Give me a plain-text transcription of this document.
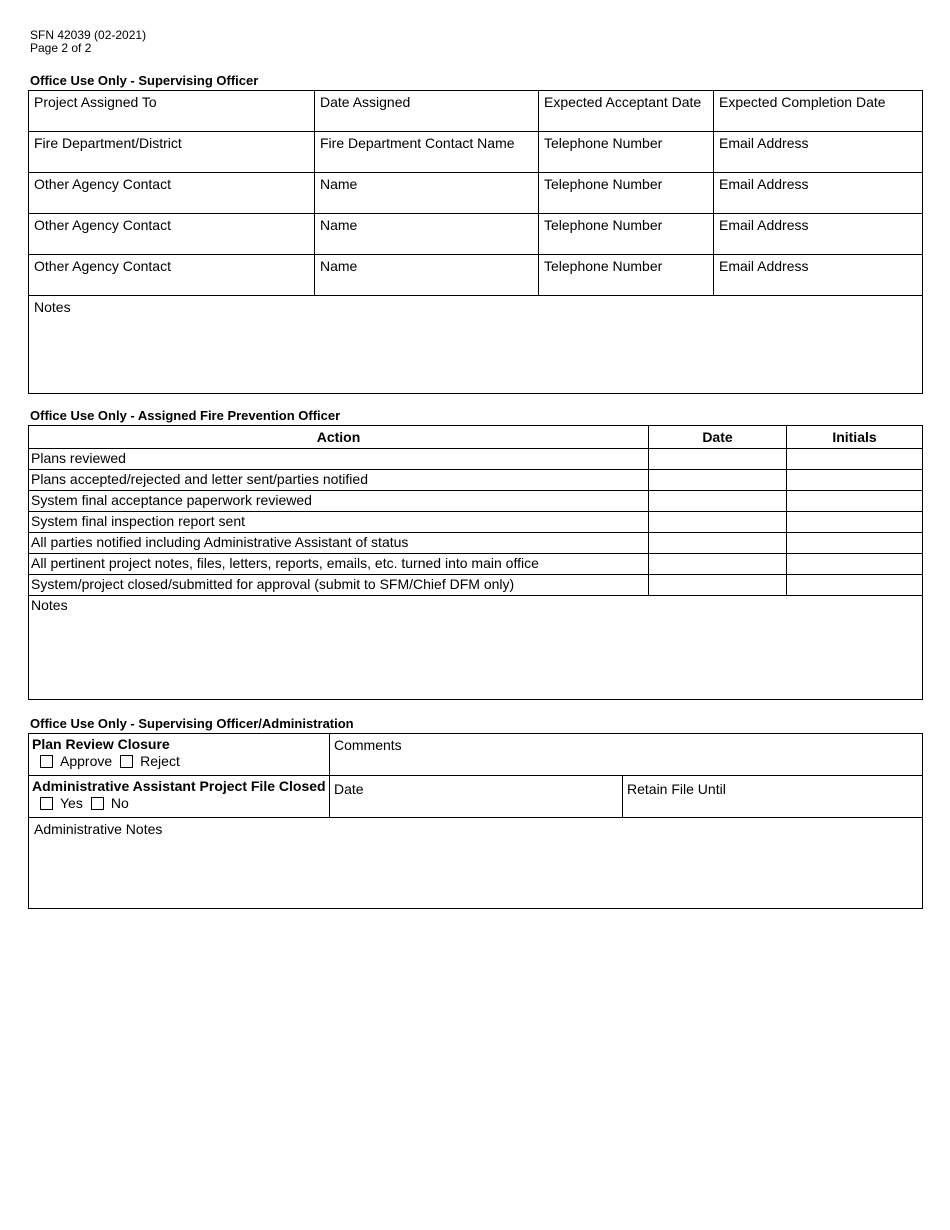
SFN 42039 (02-2021)
Page 2 of 2
Office Use Only - Supervising Officer
Project Assigned To	Date Assigned	Expected Acceptant Date	Expected Completion Date
Fire Department/District	Fire Department Contact Name	Telephone Number	Email Address
Other Agency Contact	Name	Telephone Number	Email Address
Other Agency Contact	Name	Telephone Number	Email Address
Other Agency Contact	Name	Telephone Number	Email Address
Notes			
Office Use Only - Assigned Fire Prevention Officer
Action	Date	Initials
Plans reviewed		
Plans accepted/rejected and letter sent/parties notified		
System final acceptance paperwork reviewed		
System final inspection report sent		
All parties notified including Administrative Assistant of status		
All pertinent project notes, files, letters, reports, emails, etc. turned into main office		
System/project closed/submitted for approval (submit to SFM/Chief DFM only)		
Notes		
Office Use Only - Supervising Officer/Administration
Plan Review Closure
Approve Reject	Comments	

Administrative Assistant Project File Closed
Yes No	Date	Retain File Until
Administrative Notes		
